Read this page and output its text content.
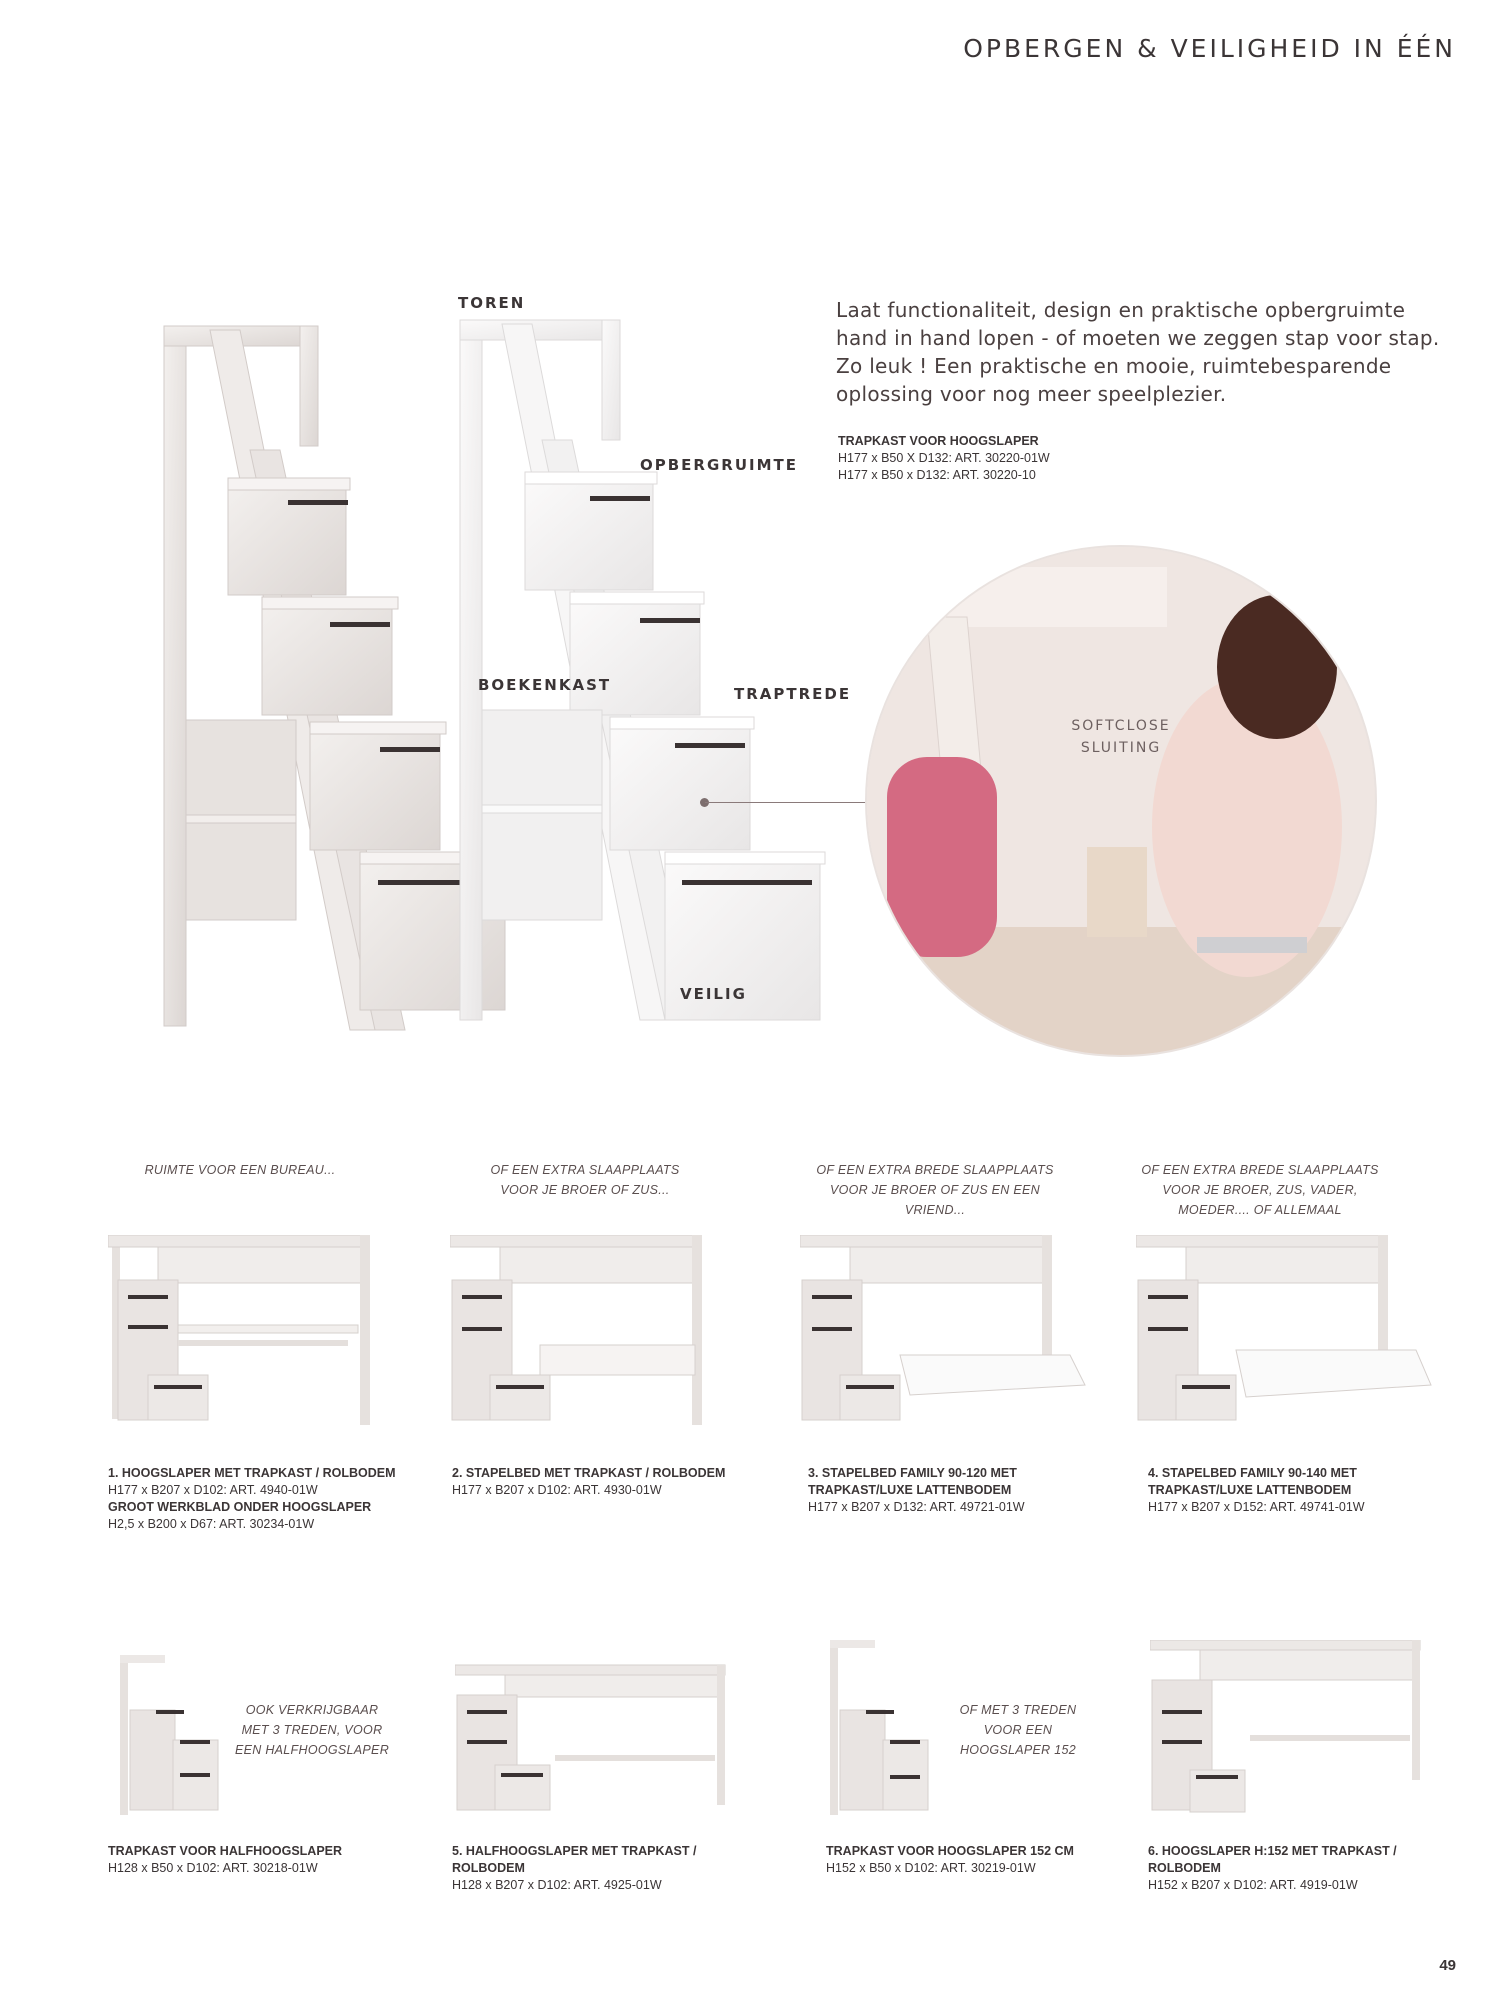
OPBERGEN & VEILIGHEID IN ÉÉN
TOREN
OPBERGRUIMTE
BOEKENKAST	TRAPTREDE
VEILIG
Laat functionaliteit, design en praktische opbergruimte hand in hand lopen - of moeten we zeggen stap voor stap. Zo leuk ! Een praktische en mooie, ruimtebesparende oplossing voor nog meer speelplezier.
TRAPKAST VOOR HOOGSLAPER
H177 x B50 X D132: ART. 30220-01W
H177 x B50 x D132: ART. 30220-10
SOFTCLOSE
SLUITING
RUIMTE VOOR EEN BUREAU...	OF EEN EXTRA SLAAPPLAATS VOOR JE BROER OF ZUS...
OF EEN EXTRA BREDE SLAAPPLAATS VOOR JE BROER OF ZUS EN EEN VRIEND...
OF EEN EXTRA BREDE SLAAPPLAATS VOOR JE BROER, ZUS, VADER, MOEDER.... OF ALLEMAAL
1. HOOGSLAPER MET TRAPKAST / ROLBODEM
H177 x B207 x D102: ART. 4940-01W
GROOT WERKBLAD ONDER HOOGSLAPER
H2,5 x B200 x D67: ART. 30234-01W
2. STAPELBED MET TRAPKAST / ROLBODEM
H177 x B207 x D102: ART. 4930-01W
3. STAPELBED FAMILY 90-120 MET TRAPKAST/LUXE LATTENBODEM
H177 x B207 x D132: ART. 49721-01W
4. STAPELBED FAMILY 90-140 MET TRAPKAST/LUXE LATTENBODEM
H177 x B207 x D152: ART. 49741-01W
OOK VERKRIJGBAAR MET 3 TREDEN, VOOR EEN HALFHOOGSLAPER
OF MET 3 TREDEN VOOR EEN HOOGSLAPER 152
TRAPKAST VOOR HALFHOOGSLAPER
H128 x B50 x D102: ART. 30218-01W
5. HALFHOOGSLAPER MET TRAPKAST / ROLBODEM
H128 x B207 x D102: ART. 4925-01W
TRAPKAST VOOR HOOGSLAPER 152 CM
H152 x B50 x D102: ART. 30219-01W
6. HOOGSLAPER H:152 MET TRAPKAST / ROLBODEM
H152 x B207 x D102: ART. 4919-01W
49
